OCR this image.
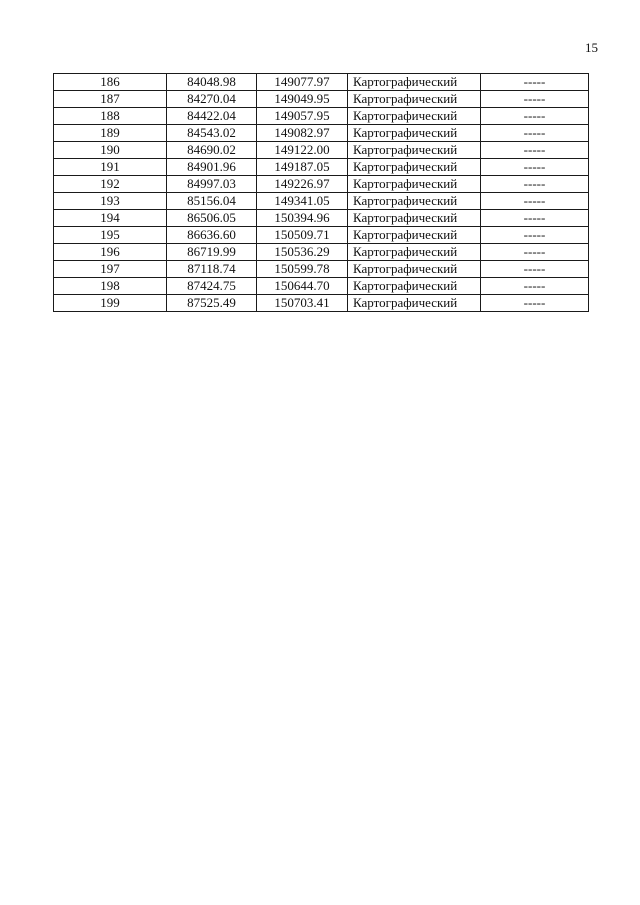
15
186	84048.98	149077.97	Картографический	-----
187	84270.04	149049.95	Картографический	-----
188	84422.04	149057.95	Картографический	-----
189	84543.02	149082.97	Картографический	-----
190	84690.02	149122.00	Картографический	-----
191	84901.96	149187.05	Картографический	-----
192	84997.03	149226.97	Картографический	-----
193	85156.04	149341.05	Картографический	-----
194	86506.05	150394.96	Картографический	-----
195	86636.60	150509.71	Картографический	-----
196	86719.99	150536.29	Картографический	-----
197	87118.74	150599.78	Картографический	-----
198	87424.75	150644.70	Картографический	-----
199	87525.49	150703.41	Картографический	-----
